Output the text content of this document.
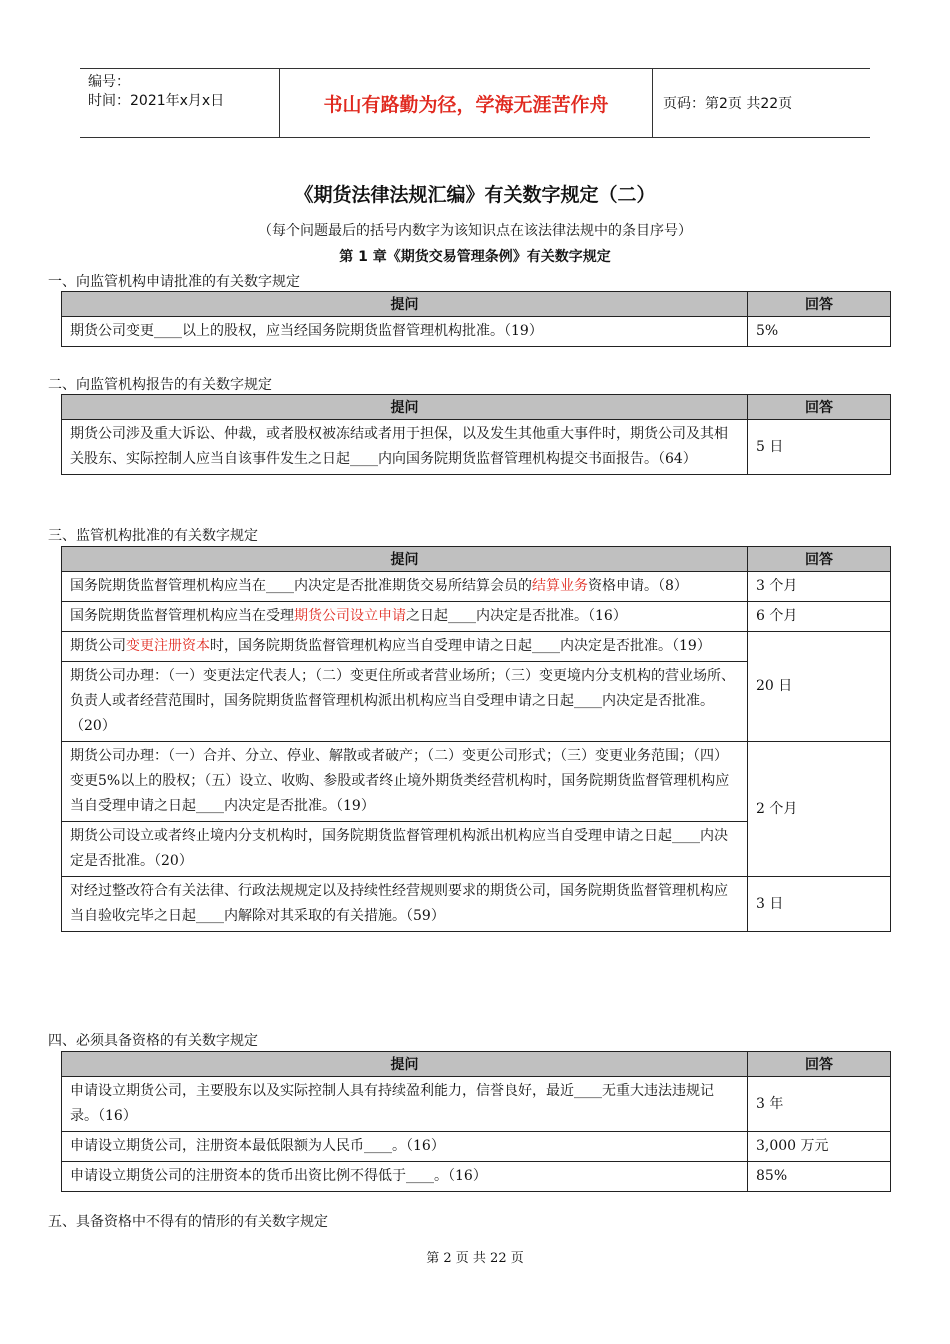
编号：
时间：2021年x月x日	书山有路勤为径，学海无涯苦作舟	页码：第2页 共22页
《期货法律法规汇编》有关数字规定（二）
（每个问题最后的括号内数字为该知识点在该法律法规中的条目序号）
第 1 章《期货交易管理条例》有关数字规定
一、向监管机构申请批准的有关数字规定
提问	回答
期货公司变更____以上的股权，应当经国务院期货监督管理机构批准。（19）	5%
二、向监管机构报告的有关数字规定
提问	回答
期货公司涉及重大诉讼、仲裁，或者股权被冻结或者用于担保，以及发生其他重大事件时，期货公司及其相关股东、实际控制人应当自该事件发生之日起____内向国务院期货监督管理机构提交书面报告。（64）	5 日
三、监管机构批准的有关数字规定
提问	回答
国务院期货监督管理机构应当在____内决定是否批准期货交易所结算会员的结算业务资格申请。（8）	3 个月
国务院期货监督管理机构应当在受理期货公司设立申请之日起____内决定是否批准。（16）	6 个月
期货公司变更注册资本时，国务院期货监督管理机构应当自受理申请之日起____内决定是否批准。（19）	20 日
期货公司办理：（一）变更法定代表人；（二）变更住所或者营业场所；（三）变更境内分支机构的营业场所、负责人或者经营范围时，国务院期货监督管理机构派出机构应当自受理申请之日起____内决定是否批准。（20）	
期货公司办理：（一）合并、分立、停业、解散或者破产；（二）变更公司形式；（三）变更业务范围；（四）变更5%以上的股权；（五）设立、收购、参股或者终止境外期货类经营机构时，国务院期货监督管理机构应当自受理申请之日起____内决定是否批准。（19）	2 个月
期货公司设立或者终止境内分支机构时，国务院期货监督管理机构派出机构应当自受理申请之日起____内决定是否批准。（20）	
对经过整改符合有关法律、行政法规规定以及持续性经营规则要求的期货公司，国务院期货监督管理机构应当自验收完毕之日起____内解除对其采取的有关措施。（59）	3 日
四、必须具备资格的有关数字规定
提问	回答
申请设立期货公司，主要股东以及实际控制人具有持续盈利能力，信誉良好，最近____无重大违法违规记录。（16）	3 年
申请设立期货公司，注册资本最低限额为人民币____。（16）	3,000 万元
申请设立期货公司的注册资本的货币出资比例不得低于____。（16）	85%
五、具备资格中不得有的情形的有关数字规定
第 2 页 共 22 页
